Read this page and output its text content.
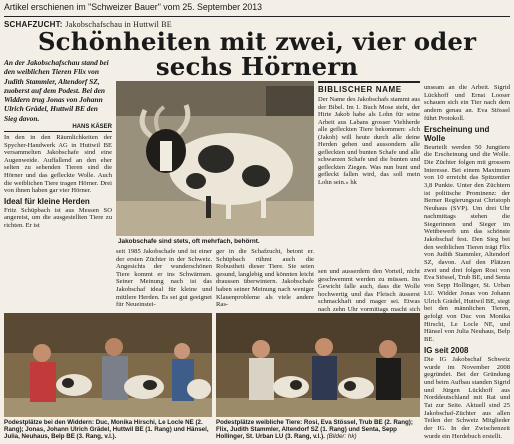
Artikel erschienen im "Schweizer Bauer" vom 25. September 2013
SCHAFZUCHT: Jakobschafschau in Huttwil BE
Schönheiten mit zwei, vier oder sechs Hörnern

An der Jakobschafschau stand bei den weiblichen Tieren Flix von Judith Stammler, Altendorf SZ, zuoberst auf dem Podest. Bei den Widdern trug Jonas von Johann Ulrich Grädel, Huttwil BE den Sieg davon.

HANS KÄSER

In den in den Räumlichkeiten der Spycher-Handwerk AG in Huttwil BE versammelten Jakobschafe sind eine Augenweide. Auffallend an den eher selten zu sehenden Tieren sind die Hörner und das gefleckte Wolle. Auch die weiblichen Tiere tragen Hörner. Drei von ihnen haben gar vier Hörner.

Ideal für kleine Herden

Fritz Schüpbach ist aus Messen SO angereist, um die ausgestellten Tiere zu richten. Er ist

Jakobschafe sind stets, oft mehrfach, behörnt.
BIBLISCHER NAME

Der Name des Jakobschafs stammt aus der Bibel. Im 1. Buch Mose steht, der Hirte Jakob habe als Lohn für seine Arbeit aus Labans grosser Viehherde alle gefleckten Tiere bekommen: «Ich (Jakob) will heute durch alle deine Herden gehen und aussondern alle gefleckten und bunten Schafe und alle schwarzen Schafe und die bunten und gefleckten Ziegen. Was nun bunt und gefleckt fallen wird, das soll mein Lohn sein.» hk

unseam an die Arbeit. Sigrid Lückhoff und Ernst Looser schauen sich ein Tier nach dem andern genau an. Eva Stössel führt Protokoll.

Erscheinung und Wolle

Beurteilt werden 50 Jungtiere die Erscheinung und die Wolle. Die Züchter folgen mit grossem Interesse. Bei einem Maximum von 10 erreicht das Spitzentier 3,8 Punkte. Unter den Züchtern ist politische Prominenz: der Berner Regierungsrat Christoph Neuhaus (SVP). Um drei Uhr nachmittags stehen die Siegerinnen und Sieger im Wettbewerb um das schönste Jakobschaf fest. Den Sieg bei den weiblichen Tieren trägt Flix von Judith Stammler, Altendorf SZ, davon. Auf den Plätzen zwei und drei folgen Rosi von Eva Stössel, Trub BE, und Senta von Sepp Hollinger, St. Urban LU. Widder Jonas von Johann Ulrich Grädel, Huttwil BE, siegt bei den männlichen Tieren, gefolgt von Duc von Monika Hirschi, Le Locle NE, und Hänsel von Julia Neuhaus, Belp BE.

IG seit 2008

Die IG Jakobschaf Schweiz wurde im November 2008 gegründet. Bei der Gründung und beim Aufbau standen Sigrid und Jürgen Lückhoff aus Norddeutschland mit Rat und Tat zur Seite. Aktuell sind 25 Jakobschaf-Züchter aus allen Teilen der Schweiz Mitglieder der IG. In der Zwischenzeit wurde ein Herdebuch erstellt.

seit 1985 Jakobschafe und ist einer der ersten Züchter in der Schweiz. Angesichts der wunderschönen Tiere kommt er ins Schwärmen. Seiner Meinung nach ist das Jakobschaf ideal für kleine und mittlere Herden. Es sei gut geeignet für Neueinstei-

ger in die Schafzucht, betont er. Schüpbach rühmt auch die Robustheit dieser Tiere. Sie seien gesund, langlebig und könnten leicht draussen überwintern. Jakobschafe haben seiner Meinung nach weniger Klauenprobleme als viele andere Ras-

sen und ausserdem den Vorteil, nicht geschwemmt werden zu müssen. Ins Gewicht falle auch, dass die Wolle hochwertig und das Fleisch äusserst schmackhaft und mager sei. Etwas nach zehn Uhr vormittags macht sich

Podestplätze bei den Widdern: Duc, Monika Hirschi, Le Locle NE (2. Rang); Jonas, Johann Ulrich Grädel, Huttwil BE (1. Rang) und Hänsel, Julia, Neuhaus, Belp BE (3. Rang, v.l.).
Podestplätze weibliche Tiere: Rosi, Eva Stössel, Trub BE (2. Rang); Flix, Judith Stammler, Altendorf SZ (1. Rang) und Senta, Sepp Hollinger, St. Urban LU (3. Rang, v.l.). (Bilder: hk)
